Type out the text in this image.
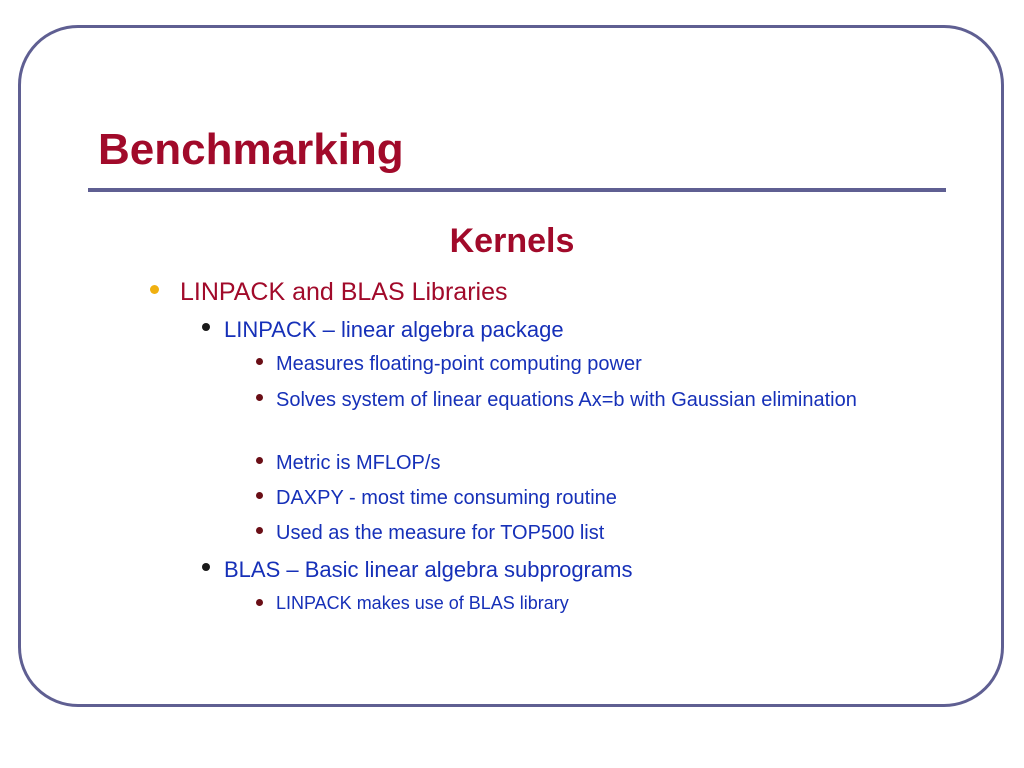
Benchmarking
Kernels
LINPACK and BLAS Libraries
LINPACK – linear algebra package
Measures floating-point computing power
Solves system of linear equations Ax=b with Gaussian elimination
Metric is MFLOP/s
DAXPY - most time consuming routine
Used as the measure for TOP500 list
BLAS – Basic linear algebra subprograms
LINPACK makes use of BLAS library
